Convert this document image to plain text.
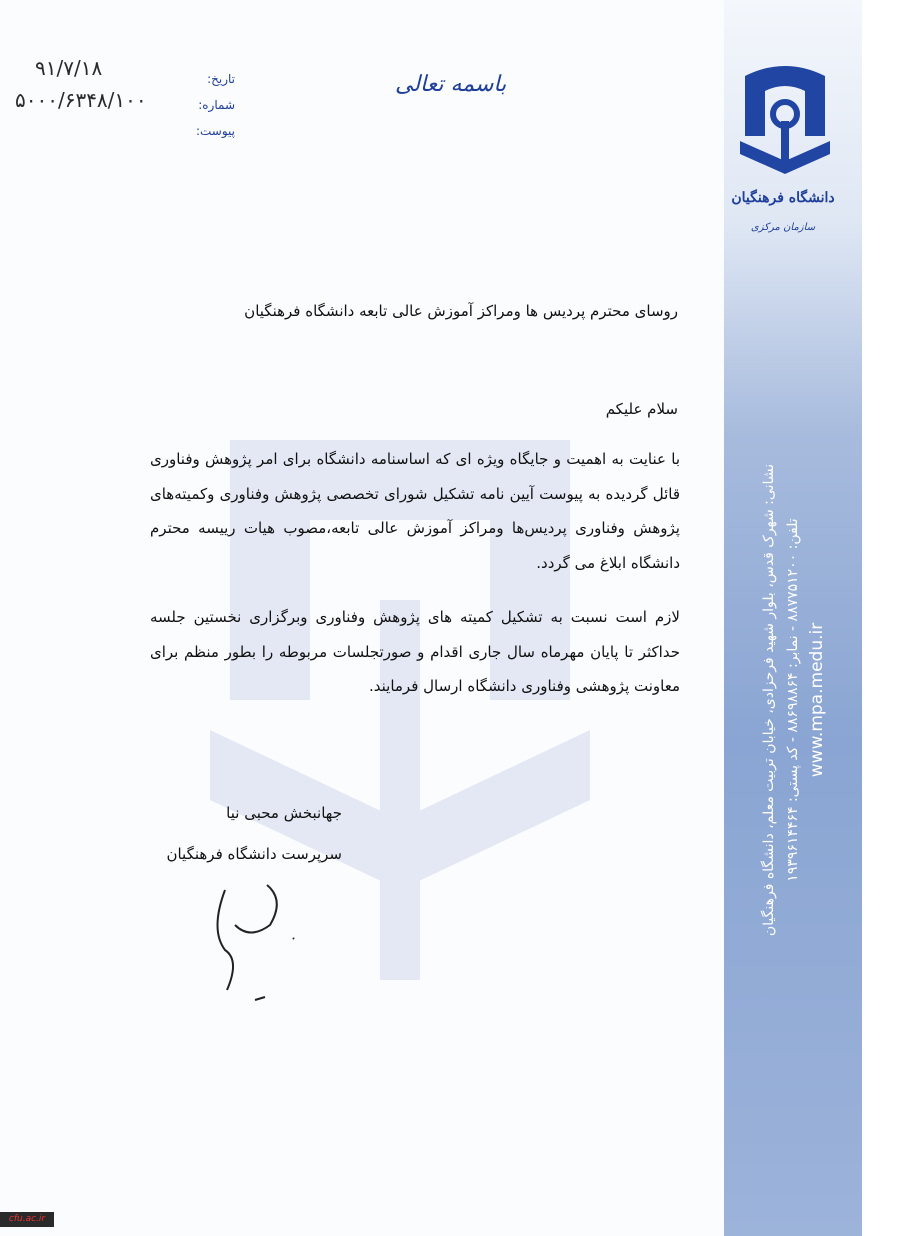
دانشگاه فرهنگیان
سازمان مرکزی
نشانی: شهرک قدس، بلوار شهید فرحزادی، خیابان تربیت معلم، دانشگاه فرهنگیان تلفن: ۸۸۷۷۵۱۲۰۰ - نمابر: ۸۸۶۹۸۸۶۴ - کد پستی: ۱۹۳۹۶۱۴۴۶۴
www.mpa.medu.ir
باسمه تعالی
تاریخ:
شماره:
پیوست:
۹۱/۷/۱۸
۵۰۰۰/۶۳۴۸/۱۰۰
روسای محترم پردیس ها ومراکز آموزش عالی تابعه دانشگاه فرهنگیان
سلام علیکم
با عنایت به اهمیت و جایگاه ویژه ای که اساسنامه دانشگاه برای امر پژوهش وفناوری قائل گردیده به پیوست آیین نامه تشکیل شورای تخصصی پژوهش وفناوری وکمیته‌های پژوهش وفناوری پردیس‌ها ومراکز آموزش عالی تابعه،مصوب هیات رییسه محترم دانشگاه ابلاغ می گردد.
لازم است نسبت به تشکیل کمیته های پژوهش وفناوری وبرگزاری نخستین جلسه حداکثر تا پایان مهرماه سال جاری اقدام و صورتجلسات مربوطه را بطور منظم برای معاونت پژوهشی وفناوری دانشگاه ارسال فرمایند.
جهانبخش محبی نیا
سرپرست دانشگاه فرهنگیان
cfu.ac.ir
